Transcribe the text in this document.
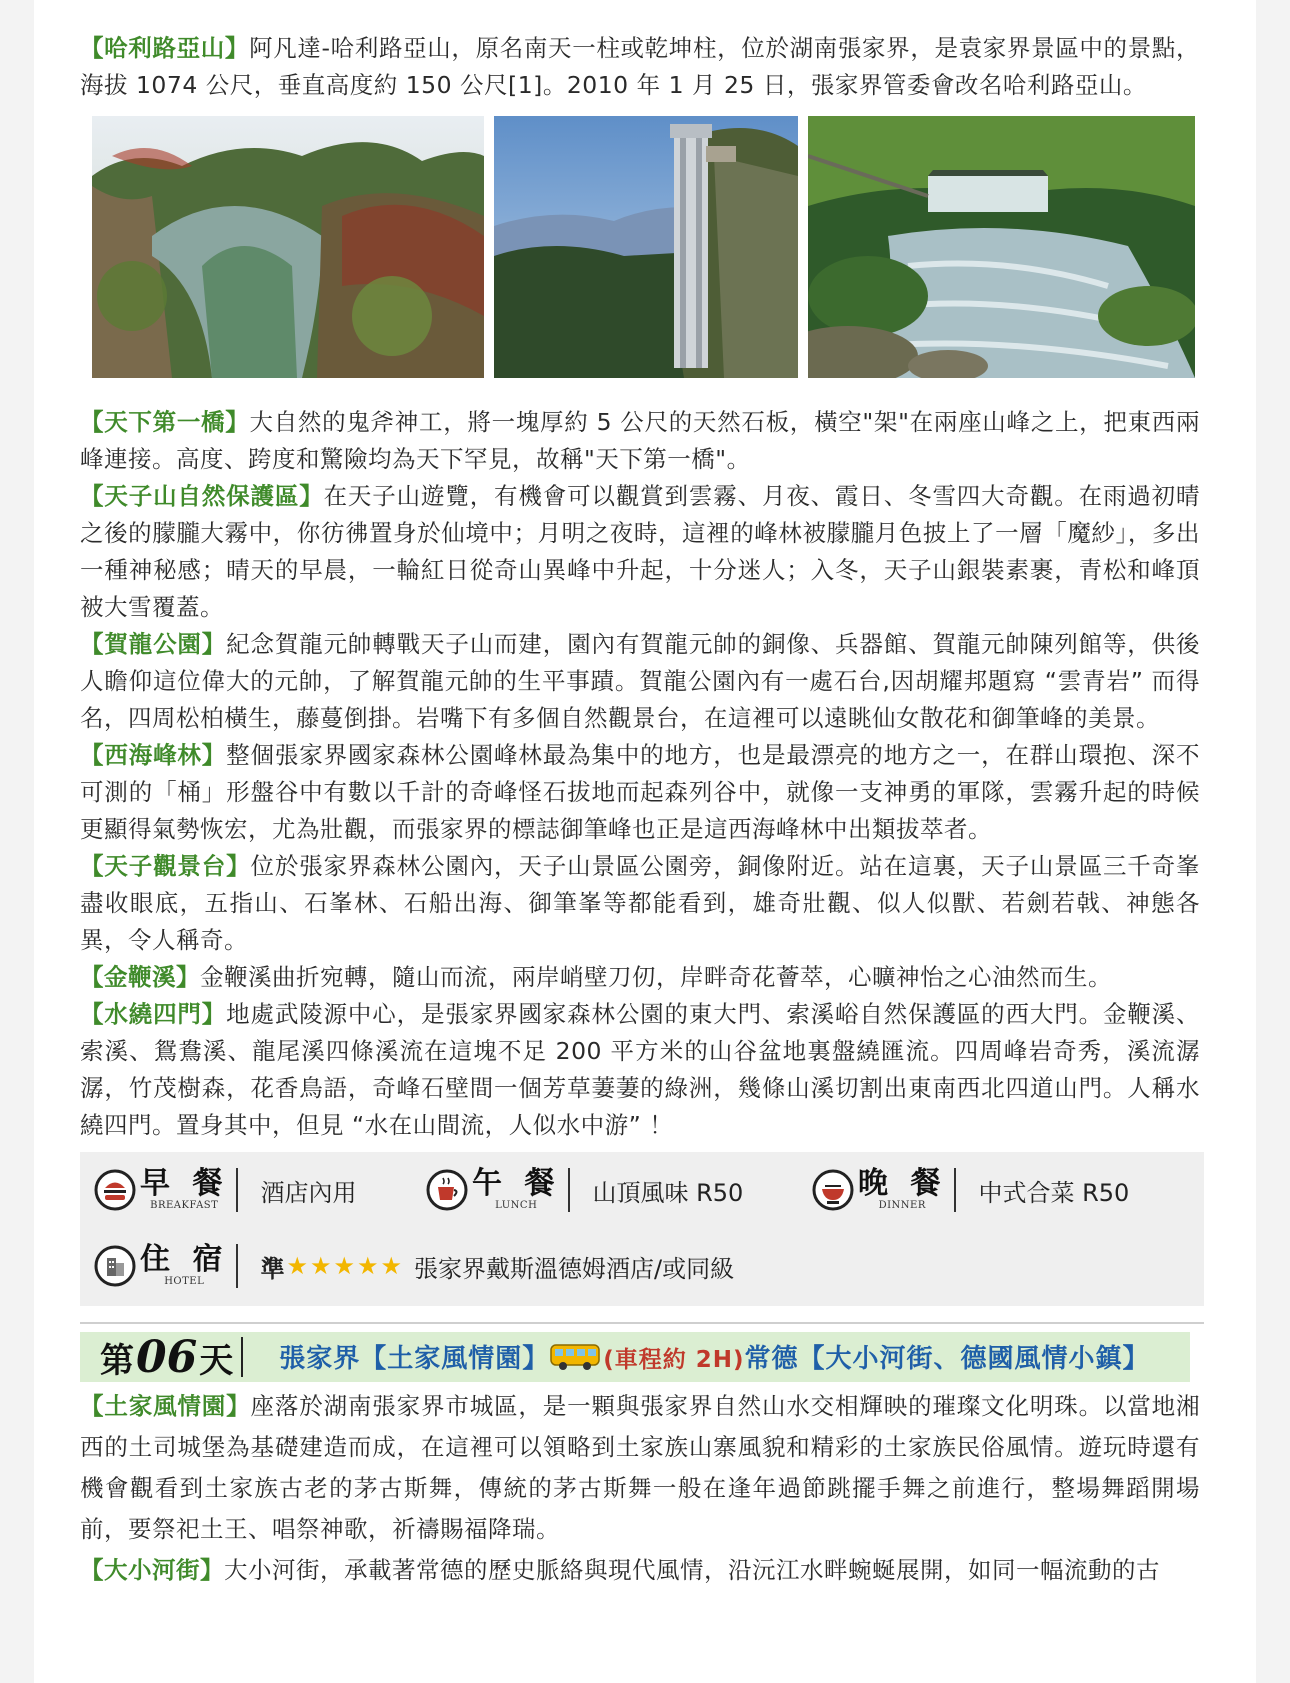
【哈利路亞山】阿凡達-哈利路亞山，原名南天一柱或乾坤柱，位於湖南張家界，是袁家界景區中的景點，海拔 1074 公尺，垂直高度約 150 公尺[1]。2010 年 1 月 25 日，張家界管委會改名哈利路亞山。

【天下第一橋】大自然的鬼斧神工，將一塊厚約 5 公尺的天然石板，橫空"架"在兩座山峰之上，把東西兩峰連接。高度、跨度和驚險均為天下罕見，故稱"天下第一橋"。

【天子山自然保護區】在天子山遊覽，有機會可以觀賞到雲霧、月夜、霞日、冬雪四大奇觀。在雨過初晴之後的朦朧大霧中，你彷彿置身於仙境中；月明之夜時，這裡的峰林被朦朧月色披上了一層「魔紗」，多出一種神秘感；晴天的早晨，一輪紅日從奇山異峰中升起，十分迷人；入冬，天子山銀裝素裹，青松和峰頂被大雪覆蓋。

【賀龍公園】紀念賀龍元帥轉戰天子山而建，園內有賀龍元帥的銅像、兵器館、賀龍元帥陳列館等，供後人瞻仰這位偉大的元帥，了解賀龍元帥的生平事蹟。賀龍公園內有一處石台,因胡耀邦題寫 “雲青岩” 而得名，四周松柏橫生，藤蔓倒掛。岩嘴下有多個自然觀景台，在這裡可以遠眺仙女散花和御筆峰的美景。

【西海峰林】整個張家界國家森林公園峰林最為集中的地方，也是最漂亮的地方之一，在群山環抱、深不可測的「桶」形盤谷中有數以千計的奇峰怪石拔地而起森列谷中，就像一支神勇的軍隊，雲霧升起的時候更顯得氣勢恢宏，尤為壯觀，而張家界的標誌御筆峰也正是這西海峰林中出類拔萃者。

【天子觀景台】位於張家界森林公園內，天子山景區公園旁，銅像附近。站在這裏，天子山景區三千奇峯盡收眼底，五指山、石峯林、石船出海、御筆峯等都能看到，雄奇壯觀、似人似獸、若劍若戟、神態各異，令人稱奇。

【金鞭溪】金鞭溪曲折宛轉，隨山而流，兩岸峭壁刀仞，岸畔奇花薈萃，心曠神怡之心油然而生。

【水繞四門】地處武陵源中心，是張家界國家森林公園的東大門、索溪峪自然保護區的西大門。金鞭溪、索溪、鴛鴦溪、龍尾溪四條溪流在這塊不足 200 平方米的山谷盆地裏盤繞匯流。四周峰岩奇秀，溪流潺潺，竹茂樹森，花香鳥語，奇峰石壁間一個芳草萋萋的綠洲，幾條山溪切割出東南西北四道山門。人稱水繞四門。置身其中，但見 “水在山間流，人似水中游” ！

早 餐
BREAKFAST 酒店內用	午 餐
LUNCH 山頂風味 R50	晚 餐
DINNER 中式合菜 R50
住 宿
HOTEL 準 ★★★★★ 張家界戴斯溫德姆酒店 /或同級
第 06 天 張家界【土家風情園】 (車程約 2H)常德【大小河街、德國風情小鎮】

【土家風情園】座落於湖南張家界市城區，是一顆與張家界自然山水交相輝映的璀璨文化明珠。以當地湘西的土司城堡為基礎建造而成，在這裡可以領略到土家族山寨風貌和精彩的土家族民俗風情。遊玩時還有機會觀看到土家族古老的茅古斯舞，傳統的茅古斯舞一般在逢年過節跳擺手舞之前進行，整場舞蹈開場前，要祭祀土王、唱祭神歌，祈禱賜福降瑞。

【大小河街】大小河街，承載著常德的歷史脈絡與現代風情，沿沅江水畔蜿蜒展開，如同一幅流動的古
